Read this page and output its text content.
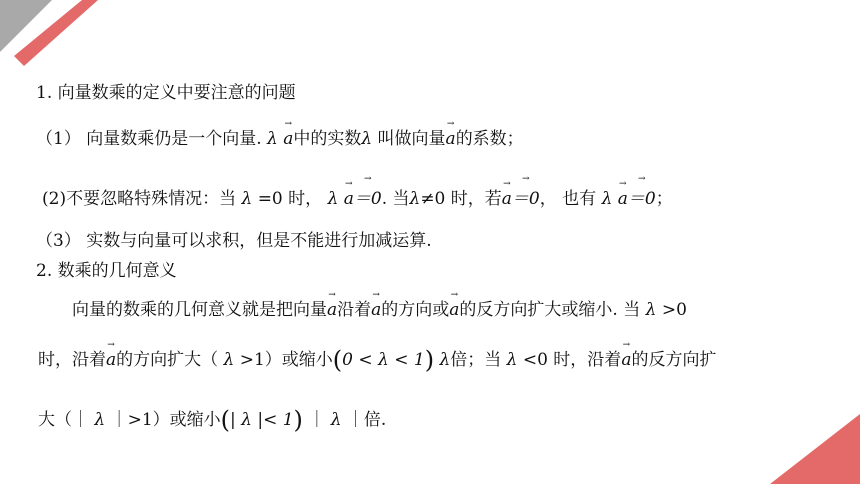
1. 向量数乘的定义中要注意的问题
（1） 向量数乘仍是一个向量. λ
→
a中的实数λ 叫做向量
→
a的系数；
(2)不要忽略特殊情况：当 λ =0 时， λ
→
a
→
＝0. 当λ≠0 时，若
→
a
→
＝0， 也有 λ
→
a
→
＝0；
（3） 实数与向量可以求积，但是不能进行加减运算.
2. 数乘的几何意义
向量的数乘的几何意义就是把向量
→
a沿着
→
a的方向或
→
a的反方向扩大或缩小. 当 λ >0
时，沿着
→
a的方向扩大（ λ >1）或缩小(0 < λ < 1) λ倍；当 λ <0 时，沿着
→
a的反方向扩
大（｜ λ ｜>1）或缩小(| λ |< 1) ｜ λ ｜倍.
